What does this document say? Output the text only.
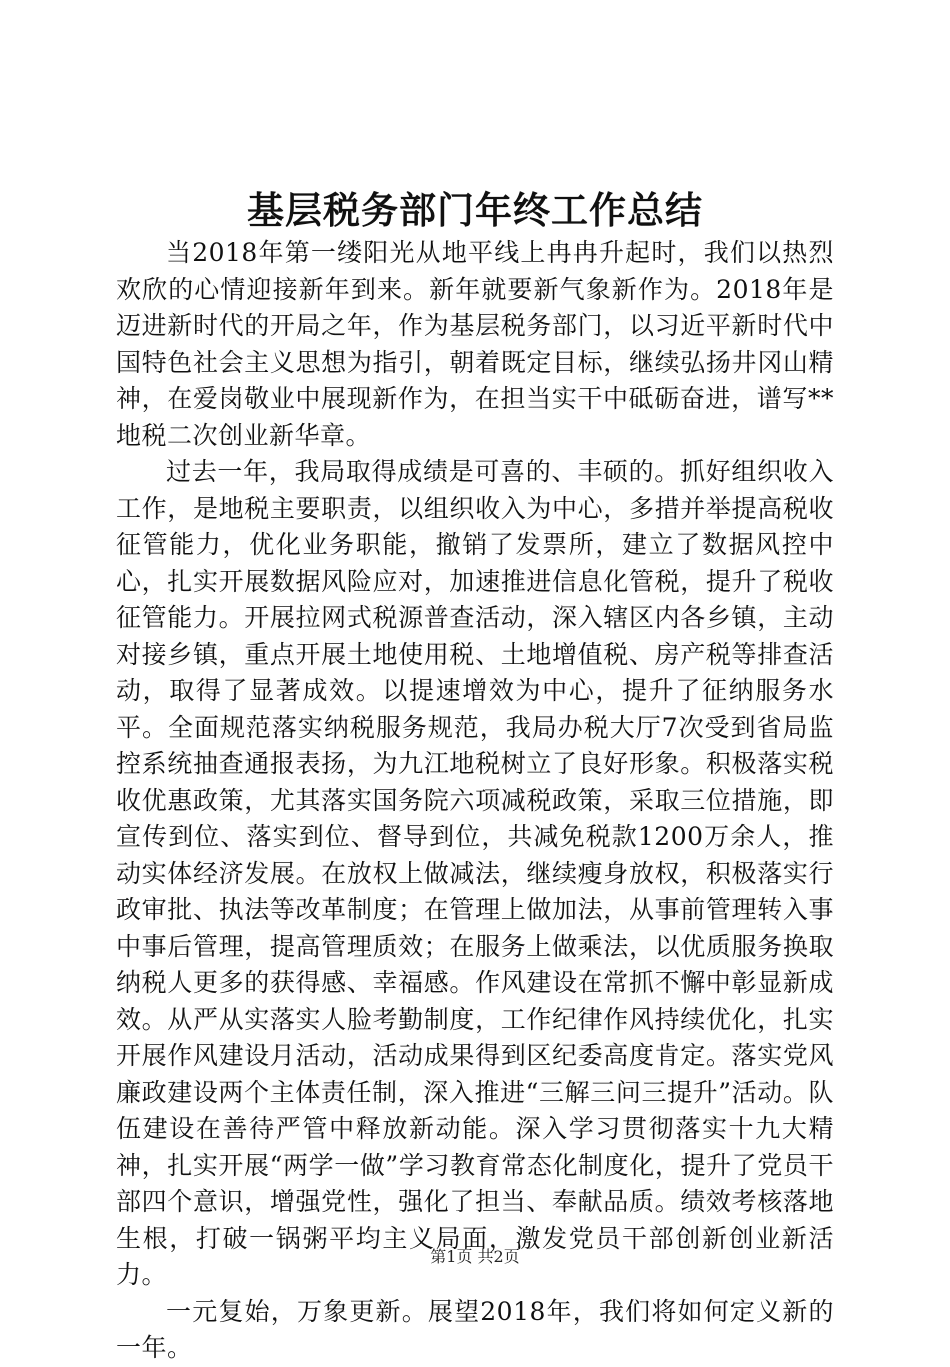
基层税务部门年终工作总结

当2018年第一缕阳光从地平线上冉冉升起时，我们以热烈欢欣的心情迎接新年到来。新年就要新气象新作为。2018年是迈进新时代的开局之年，作为基层税务部门，以习近平新时代中国特色社会主义思想为指引，朝着既定目标，继续弘扬井冈山精神，在爱岗敬业中展现新作为，在担当实干中砥砺奋进，谱写**地税二次创业新华章。

过去一年，我局取得成绩是可喜的、丰硕的。抓好组织收入工作，是地税主要职责，以组织收入为中心，多措并举提高税收征管能力，优化业务职能，撤销了发票所，建立了数据风控中心，扎实开展数据风险应对，加速推进信息化管税，提升了税收征管能力。开展拉网式税源普查活动，深入辖区内各乡镇，主动对接乡镇，重点开展土地使用税、土地增值税、房产税等排查活动，取得了显著成效。以提速增效为中心，提升了征纳服务水平。全面规范落实纳税服务规范，我局办税大厅7次受到省局监控系统抽查通报表扬，为九江地税树立了良好形象。积极落实税收优惠政策，尤其落实国务院六项减税政策，采取三位措施，即宣传到位、落实到位、督导到位，共减免税款1200万余人，推动实体经济发展。在放权上做减法，继续瘦身放权，积极落实行政审批、执法等改革制度；在管理上做加法，从事前管理转入事中事后管理，提高管理质效；在服务上做乘法，以优质服务换取纳税人更多的获得感、幸福感。作风建设在常抓不懈中彰显新成效。从严从实落实人脸考勤制度，工作纪律作风持续优化，扎实开展作风建设月活动，活动成果得到区纪委高度肯定。落实党风廉政建设两个主体责任制，深入推进“三解三问三提升”活动。队伍建设在善待严管中释放新动能。深入学习贯彻落实十九大精神，扎实开展“两学一做”学习教育常态化制度化，提升了党员干部四个意识，增强党性，强化了担当、奉献品质。绩效考核落地生根，打破一锅粥平均主义局面，激发党员干部创新创业新活力。

一元复始，万象更新。展望2018年，我们将如何定义新的一年。

第1页 共2页
